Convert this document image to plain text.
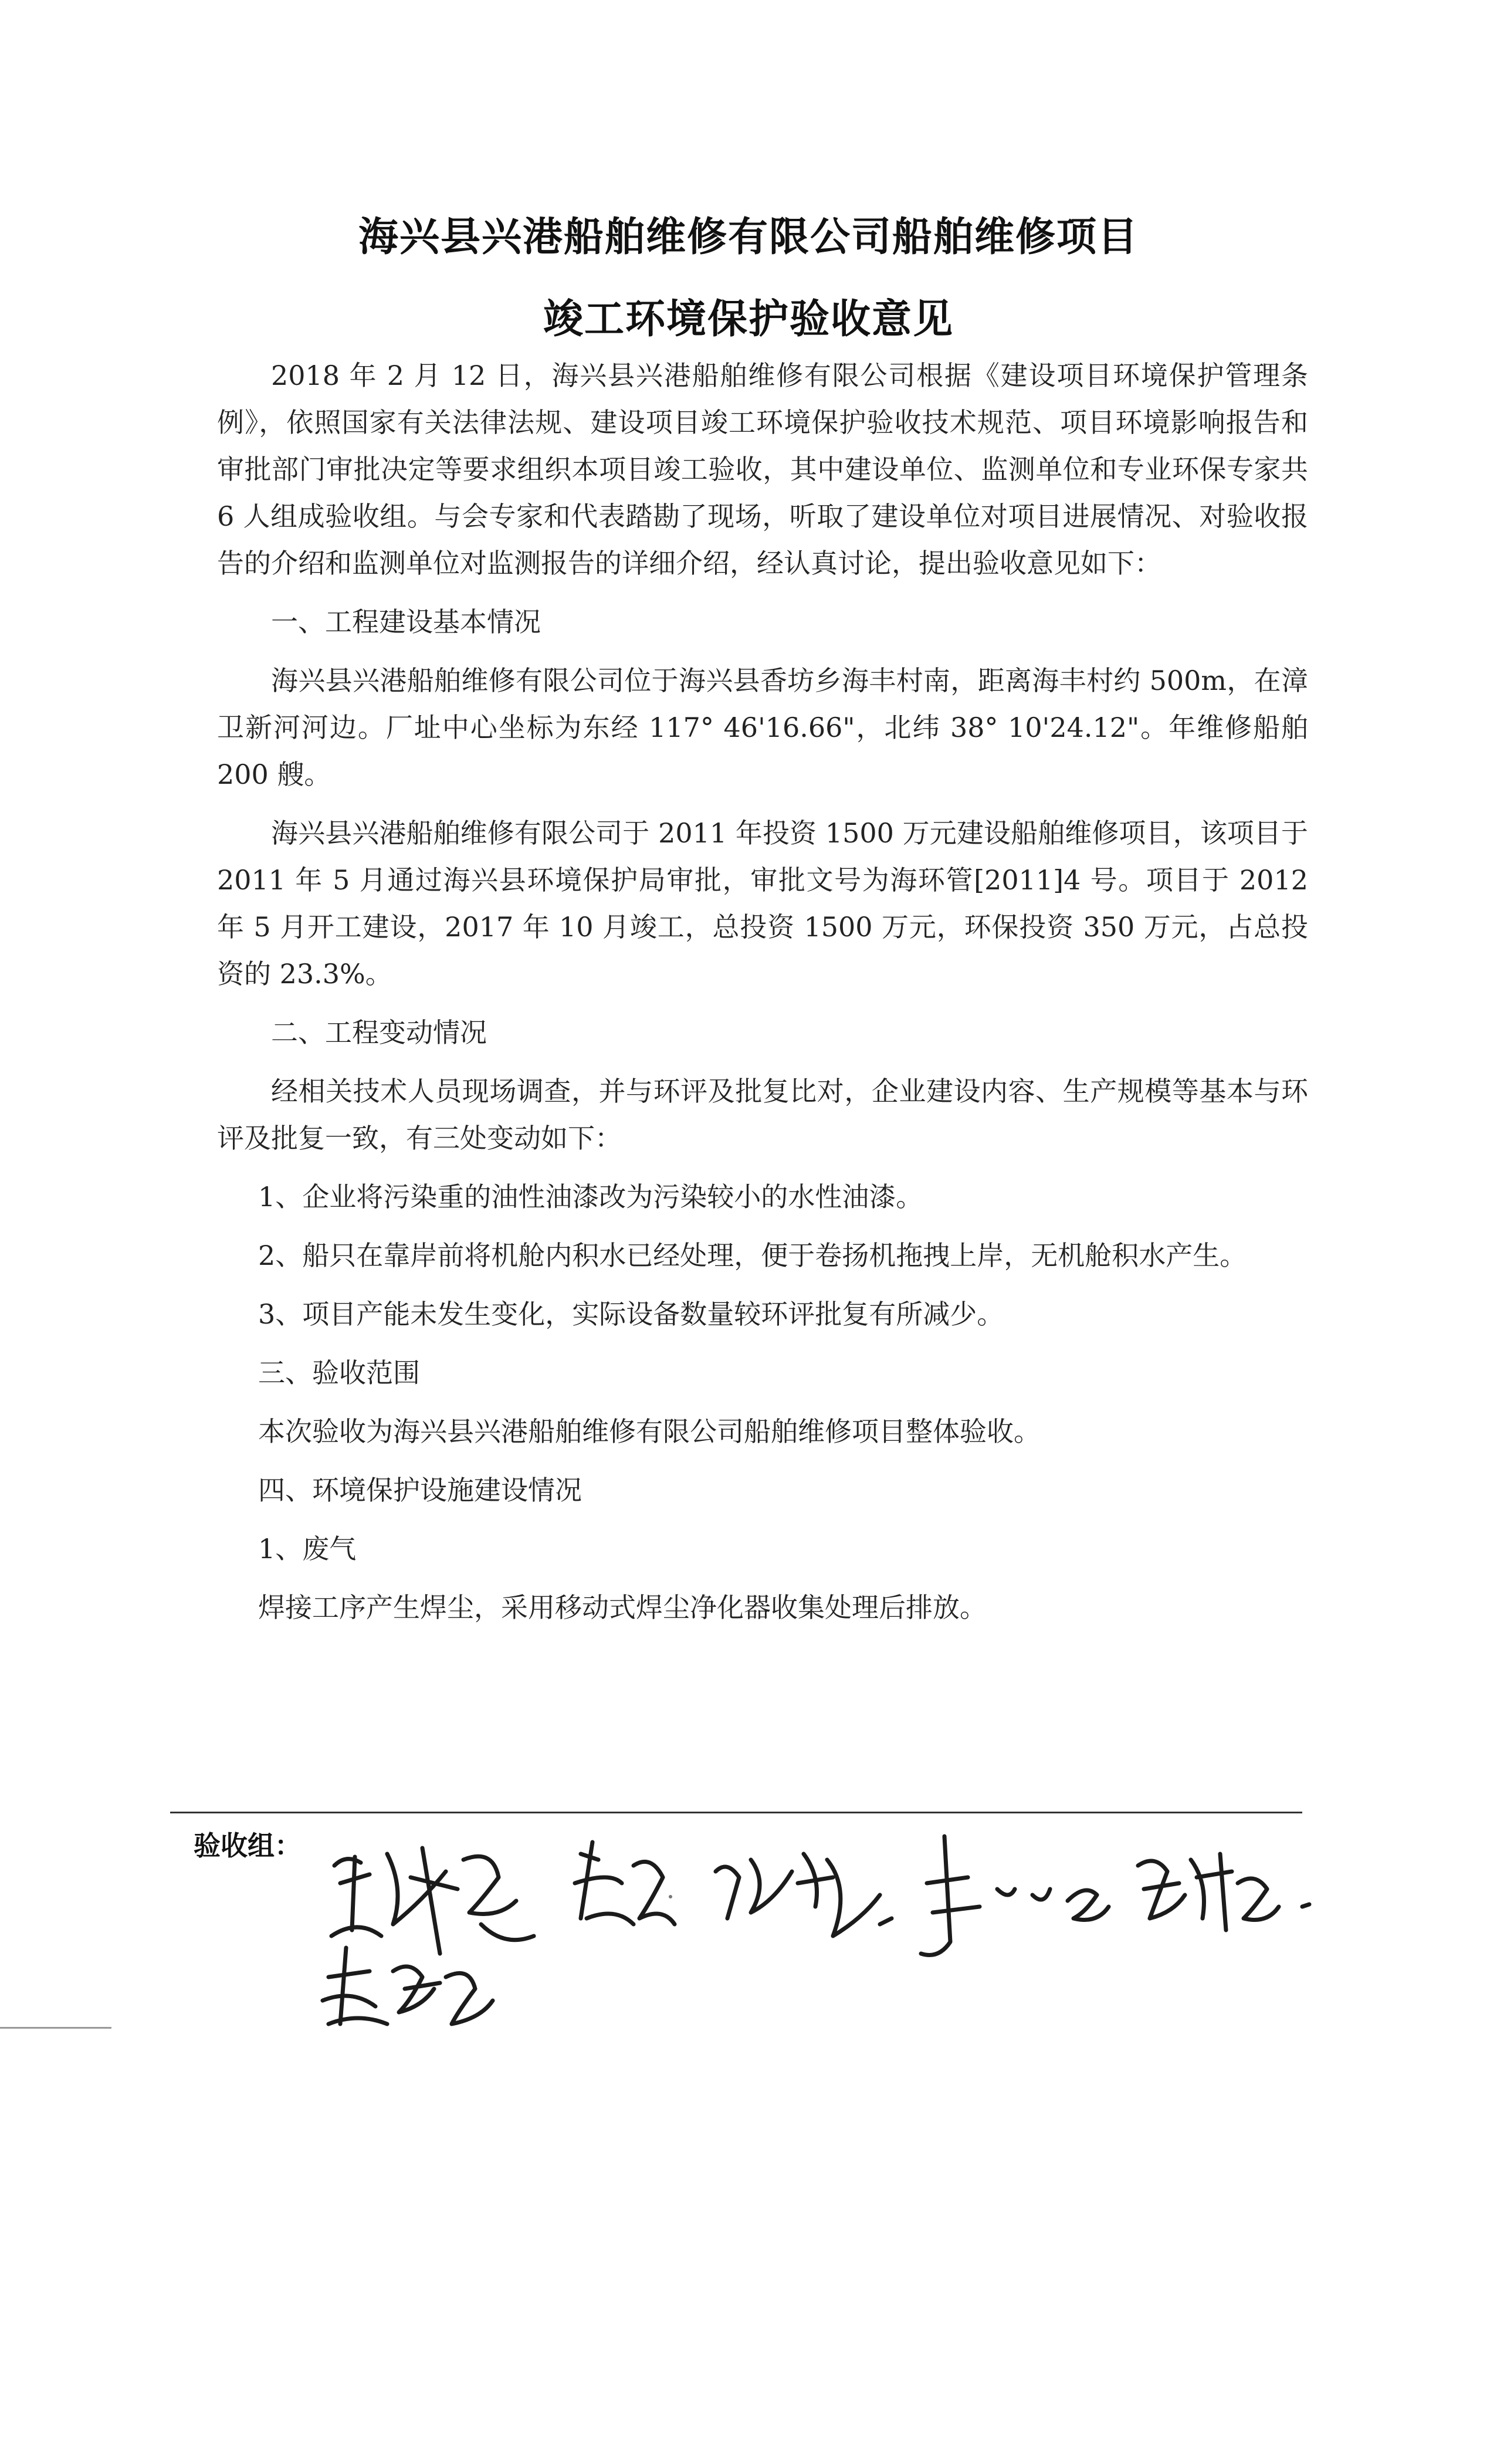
海兴县兴港船舶维修有限公司船舶维修项目
竣工环境保护验收意见

2018 年 2 月 12 日，海兴县兴港船舶维修有限公司根据《建设项目环境保护管理条例》，依照国家有关法律法规、建设项目竣工环境保护验收技术规范、项目环境影响报告和审批部门审批决定等要求组织本项目竣工验收，其中建设单位、监测单位和专业环保专家共 6 人组成验收组。与会专家和代表踏勘了现场，听取了建设单位对项目进展情况、对验收报告的介绍和监测单位对监测报告的详细介绍，经认真讨论，提出验收意见如下：

一、工程建设基本情况

海兴县兴港船舶维修有限公司位于海兴县香坊乡海丰村南，距离海丰村约 500m，在漳卫新河河边。厂址中心坐标为东经 117° 46'16.66"，北纬 38° 10'24.12"。年维修船舶 200 艘。

海兴县兴港船舶维修有限公司于 2011 年投资 1500 万元建设船舶维修项目，该项目于 2011 年 5 月通过海兴县环境保护局审批，审批文号为海环管[2011]4 号。项目于 2012 年 5 月开工建设，2017 年 10 月竣工，总投资 1500 万元，环保投资 350 万元，占总投资的 23.3%。

二、工程变动情况

经相关技术人员现场调查，并与环评及批复比对，企业建设内容、生产规模等基本与环评及批复一致，有三处变动如下：

1、企业将污染重的油性油漆改为污染较小的水性油漆。

2、船只在靠岸前将机舱内积水已经处理，便于卷扬机拖拽上岸，无机舱积水产生。

3、项目产能未发生变化，实际设备数量较环评批复有所减少。

三、验收范围

本次验收为海兴县兴港船舶维修有限公司船舶维修项目整体验收。

四、环境保护设施建设情况

1、废气

焊接工序产生焊尘，采用移动式焊尘净化器收集处理后排放。

验收组：
